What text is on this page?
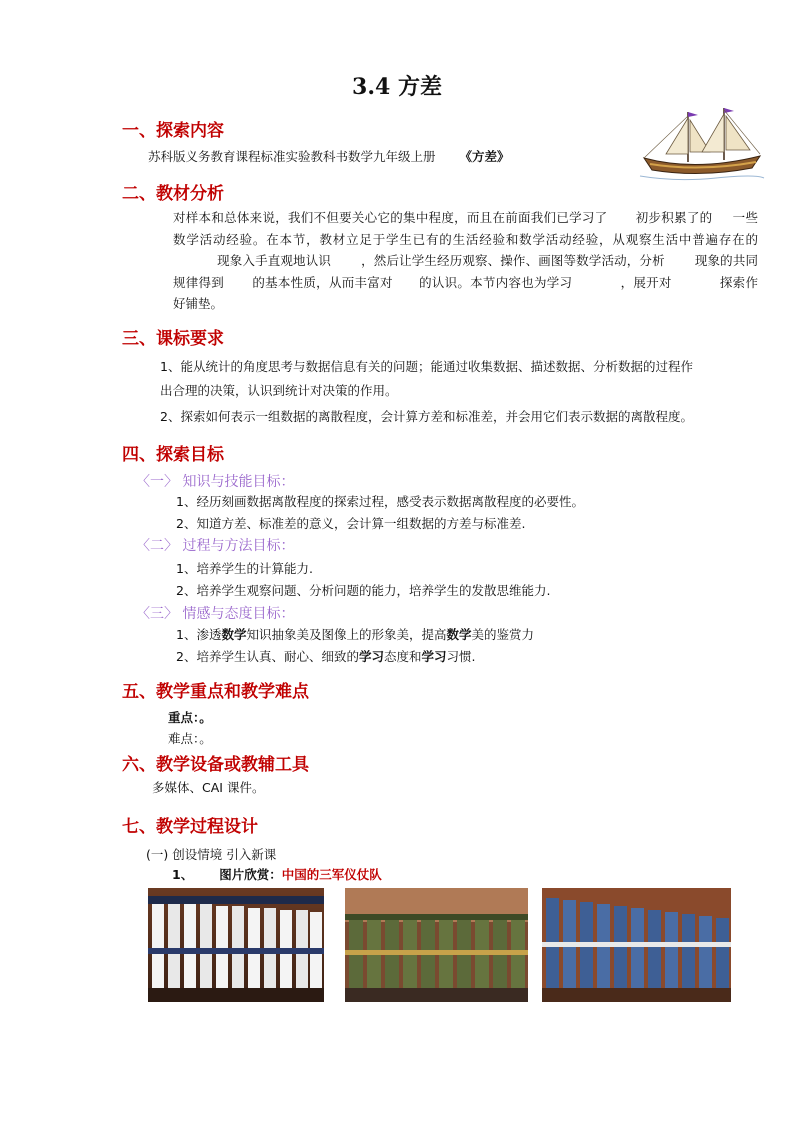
3.4 方差
一、探索内容
苏科版义务教育课程标准实验教科书数学九年级上册 《方差》
二、教材分析
对样本和总体来说，我们不但要关心它的集中程度，而且在前面我们已学习了 初步积累了的 一些数学活动经验。在本节，教材立足于学生已有的生活经验和数学活动经验，从观察生活中普遍存在的现象入手直观地认识 ，然后让学生经历观察、操作、画图等数学活动，分析 现象的共同规律得到 的基本性质，从而丰富对 的认识。本节内容也为学习	，展开对	探索作好铺垫。
三、课标要求
1、能从统计的角度思考与数据信息有关的问题；能通过收集数据、描述数据、分析数据的过程作
出合理的决策，认识到统计对决策的作用。
2、探索如何表示一组数据的离散程度，会计算方差和标准差，并会用它们表示数据的离散程度。
四、探索目标
〈一〉 知识与技能目标：
1、经历刻画数据离散程度的探索过程，感受表示数据离散程度的必要性。
2、知道方差、标准差的意义，会计算一组数据的方差与标准差.
〈二〉 过程与方法目标：
1、培养学生的计算能力.
2、培养学生观察问题、分析问题的能力，培养学生的发散思维能力.
〈三〉 情感与态度目标：
1、渗透数学知识抽象美及图像上的形象美，提高数学美的鉴赏力
2、培养学生认真、耐心、细致的学习态度和学习习惯.
五、教学重点和教学难点
重点：。
难点：。
六、教学设备或教辅工具
多媒体、CAI 课件。
七、教学过程设计
(一) 创设情境 引入新课
1、 图片欣赏：中国的三军仪仗队
